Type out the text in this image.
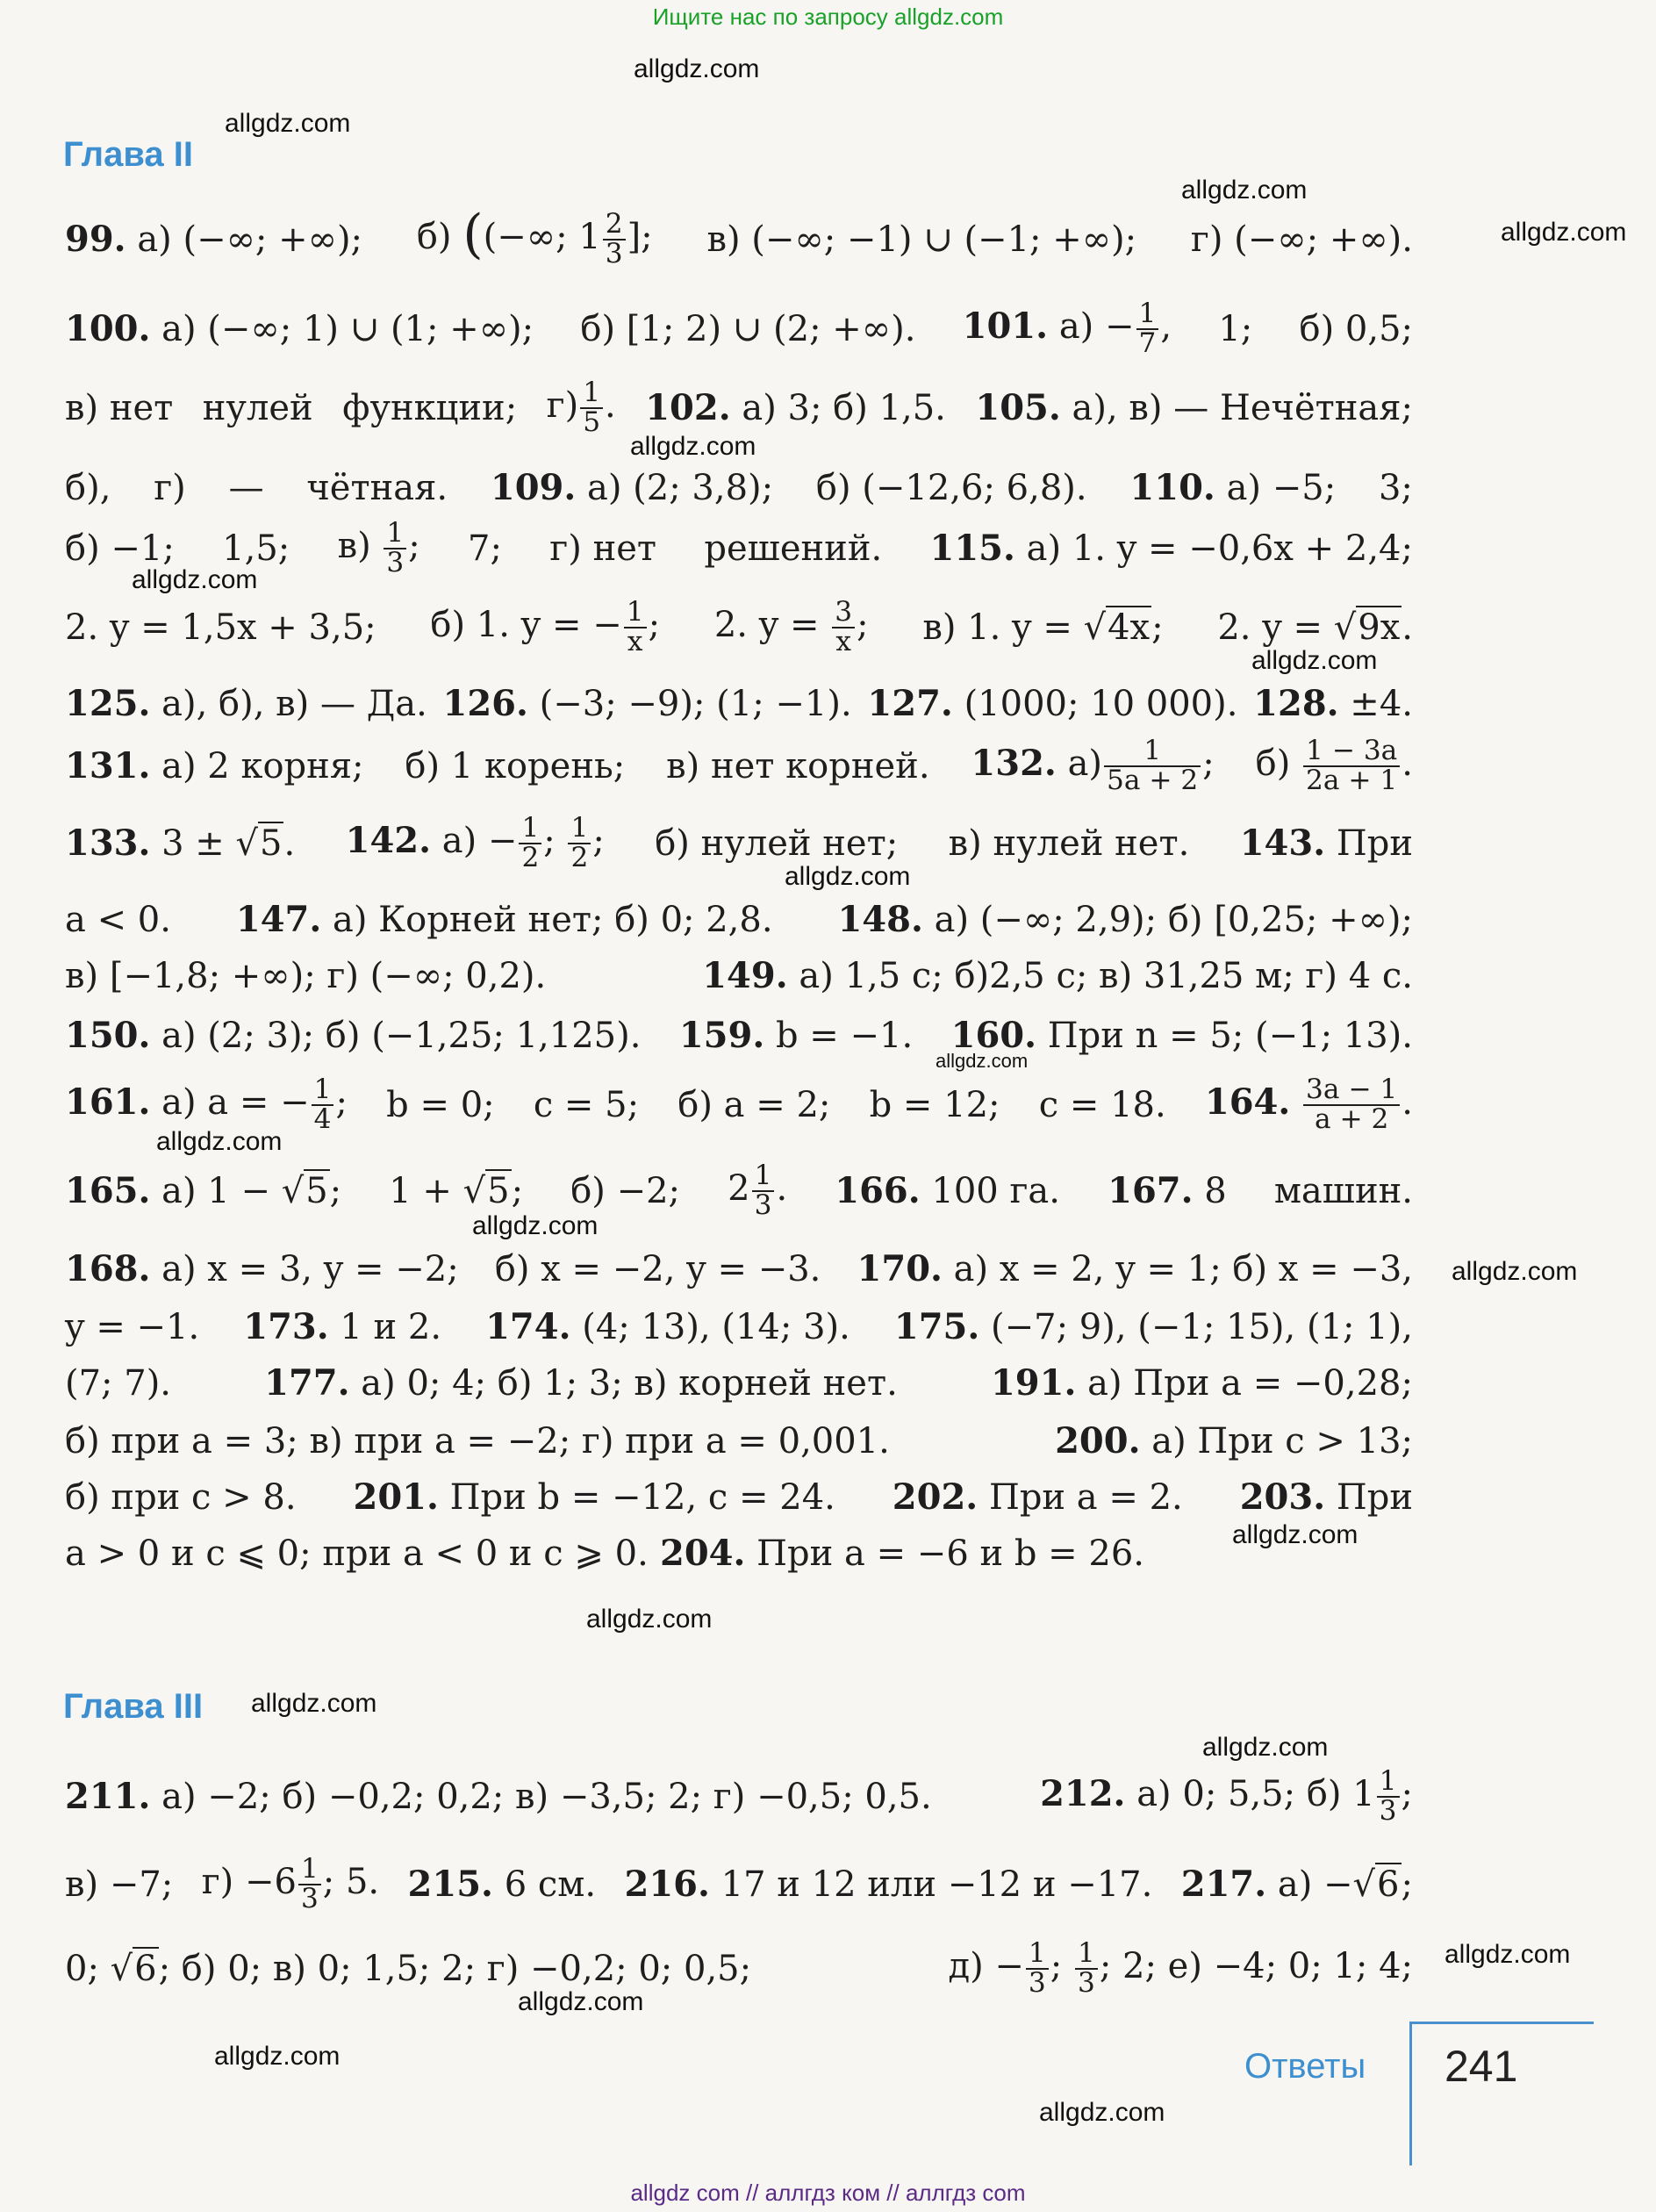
Ищите нас по запросу allgdz.com
allgdz.com
allgdz.com
allgdz.com
allgdz.com
allgdz.com
allgdz.com
allgdz.com
allgdz.com
allgdz.com
allgdz.com
allgdz.com
allgdz.com
allgdz.com
allgdz.com
allgdz.com
allgdz.com
allgdz.com
allgdz.com
allgdz.com
allgdz.com
Глава II
99. а) (−∞; +∞); б) ((−∞; $1 \frac{2}{3}$ ]; в) (−∞; −1) ∪ (−1; +∞); г) (−∞; +∞).
100. а) (−∞; 1) ∪ (1; +∞); б) [1; 2) ∪ (2; +∞). 101. $а) - \frac{1}{7}$ , 1; б) 0,5;
в) нет нулей функции; $г) \frac{1}{5}$ . 102. а) 3; б) 1,5. 105. а), в) — Нечётная;
б), г) — чётная. 109. а) (2; 3,8); б) (−12,6; 6,8). 110. а) −5; 3;
б) −1; 1,5; $в) \frac{1}{3}$ ; 7; г) нет решений. 115. а) 1. y = −0,6x + 2,4;
2. y = 1,5x + 3,5; б) 1. y = − $\frac{1}{x}$ ; 2. $y = \frac{3}{x}$ ; в) 1. y = √4x; 2. y = √9x.
125. а), б), в) — Да. 126. (−3; −9); (1; −1). 127. (1000; 10 000). 128. ±4.
131. а) 2 корня; б) 1 корень; в) нет корней. 132. $а) \frac{1}{5a + 2}$ ; $б) \frac{1 - 3a}{2a + 1}$ .
133. 3 ± √5. 142. $а) - \frac{1}{2}$ ; $\frac{1}{2}$ ; б) нулей нет; в) нулей нет. 143. При
a < 0. 147. а) Корней нет; б) 0; 2,8. 148. а) (−∞; 2,9); б) [0,25; +∞);
в) [−1,8; +∞); г) (−∞; 0,2).	149. а) 1,5 с; б)2,5 с; в) 31,25 м; г) 4 с.
150. а) (2; 3); б) (−1,25; 1,125). 159. b = −1. 160. При n = 5; (−1; 13).
161. а) a = − $\frac{1}{4}$ ; b = 0; c = 5; б) a = 2; b = 12; c = 18. 164. $\frac{3a - 1}{a + 2}$ .
165. а) 1 − √5; 1 + √5; б) −2; $2 \frac{1}{3}$ . 166. 100 га. 167. 8 машин.
168. а) x = 3, y = −2; б) x = −2, y = −3. 170. а) x = 2, y = 1; б) x = −3,
y = −1. 173. 1 и 2. 174. (4; 13), (14; 3). 175. (−7; 9), (−1; 15), (1; 1),
(7; 7).	177. а) 0; 4; б) 1; 3; в) корней нет.	191. а) При a = −0,28;
б) при a = 3; в) при a = −2; г) при a = 0,001.	200. а) При c > 13;
б) при c > 8. 201. При b = −12, c = 24. 202. При a = 2. 203. При
a > 0 и c ⩽ 0; при a < 0 и c ⩾ 0. 204. При a = −6 и b = 26.
Глава III
211. а) −2; б) −0,2; 0,2; в) −3,5; 2; г) −0,5; 0,5.	212. а) 0; 5,5; б) $1 \frac{1}{3}$ ;
в) −7; $г) -6 \frac{1}{3}$ ; 5. 215. 6 см. 216. 17 и 12 или −12 и −17. 217. а) −√6;
0; √6; б) 0; в) 0; 1,5; 2; г) −0,2; 0; 0,5;	$д) - \frac{1}{3}$ ; $\frac{1}{3}$ ; 2; е) −4; 0; 1; 4;
Ответы 241
allgdz com // аллгдз ком // аллгдз com
